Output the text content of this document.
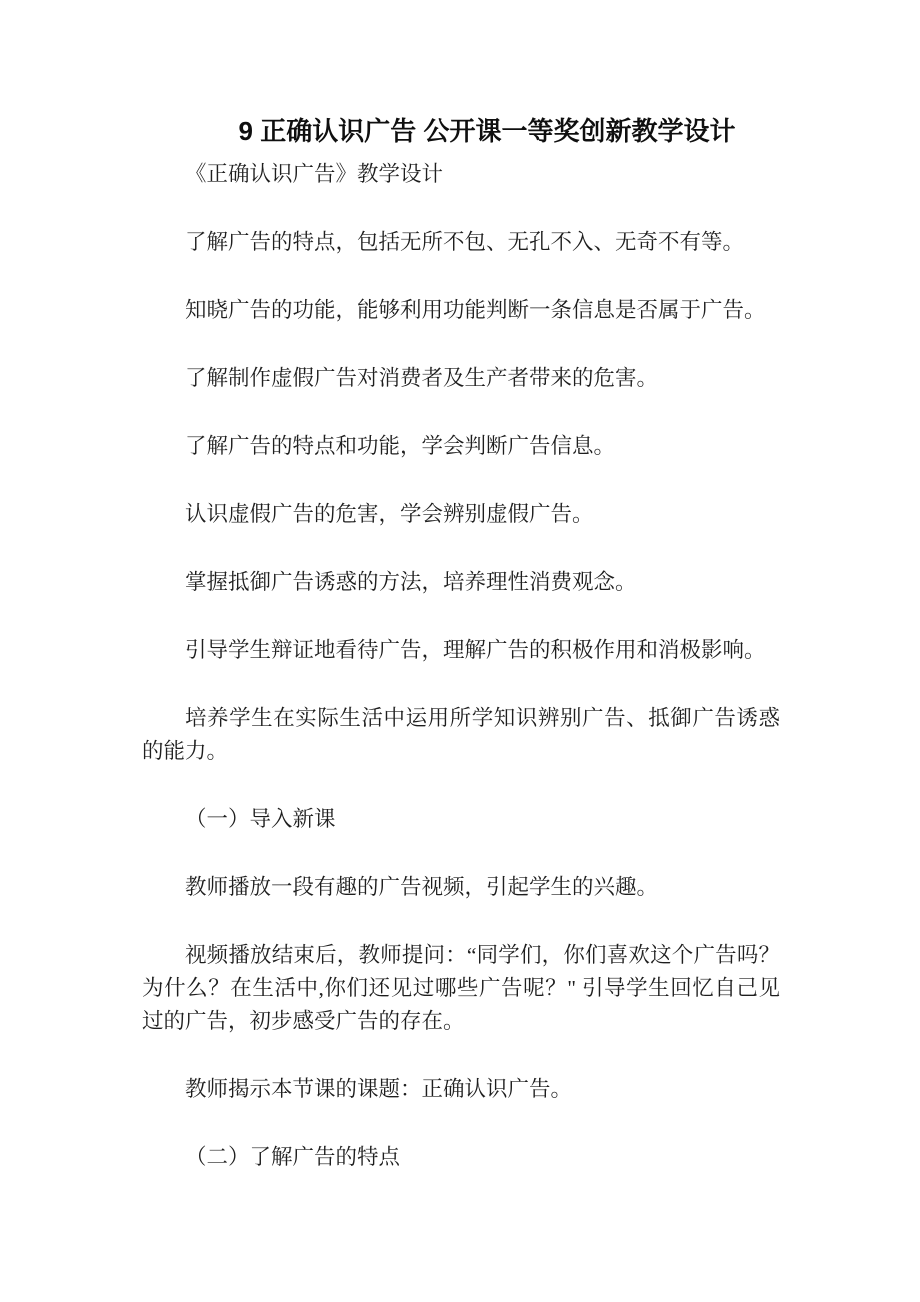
9 正确认识广告 公开课一等奖创新教学设计

《正确认识广告》教学设计

了解广告的特点，包括无所不包、无孔不入、无奇不有等。

知晓广告的功能，能够利用功能判断一条信息是否属于广告。

了解制作虚假广告对消费者及生产者带来的危害。

了解广告的特点和功能，学会判断广告信息。

认识虚假广告的危害，学会辨别虚假广告。

掌握抵御广告诱惑的方法，培养理性消费观念。

引导学生辩证地看待广告，理解广告的积极作用和消极影响。

培养学生在实际生活中运用所学知识辨别广告、抵御广告诱惑的能力。

（一）导入新课

教师播放一段有趣的广告视频，引起学生的兴趣。

视频播放结束后，教师提问：“同学们，你们喜欢这个广告吗？为什么？在生活中,你们还见过哪些广告呢？" 引导学生回忆自己见过的广告，初步感受广告的存在。

教师揭示本节课的课题：正确认识广告。

（二）了解广告的特点
